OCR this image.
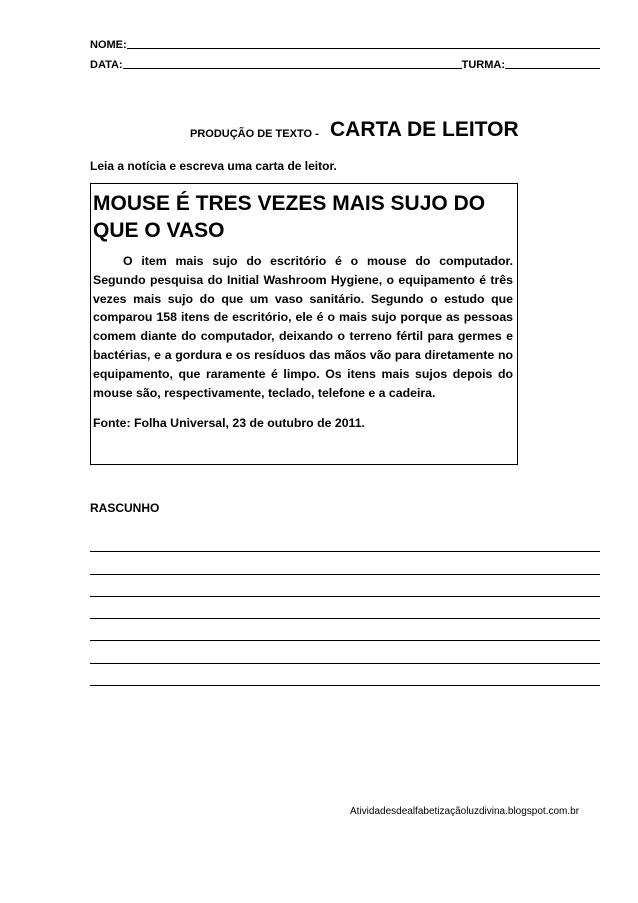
NOME:
DATA:	TURMA:
PRODUÇÃO DE TEXTO - CARTA DE LEITOR
Leia a notícia e escreva uma carta de leitor.

MOUSE É TRES VEZES MAIS SUJO DO QUE O VASO

O item mais sujo do escritório é o mouse do computador. Segundo pesquisa do Initial Washroom Hygiene, o equipamento é três vezes mais sujo do que um vaso sanitário. Segundo o estudo que comparou 158 itens de escritório, ele é o mais sujo porque as pessoas comem diante do computador, deixando o terreno fértil para germes e bactérias, e a gordura e os resíduos das mãos vão para diretamente no equipamento, que raramente é limpo. Os itens mais sujos depois do mouse são, respectivamente, teclado, telefone e a cadeira.

Fonte: Folha Universal, 23 de outubro de 2011.
RASCUNHO
Atividadesdealfabetizaçãoluzdivina.blogspot.com.br
